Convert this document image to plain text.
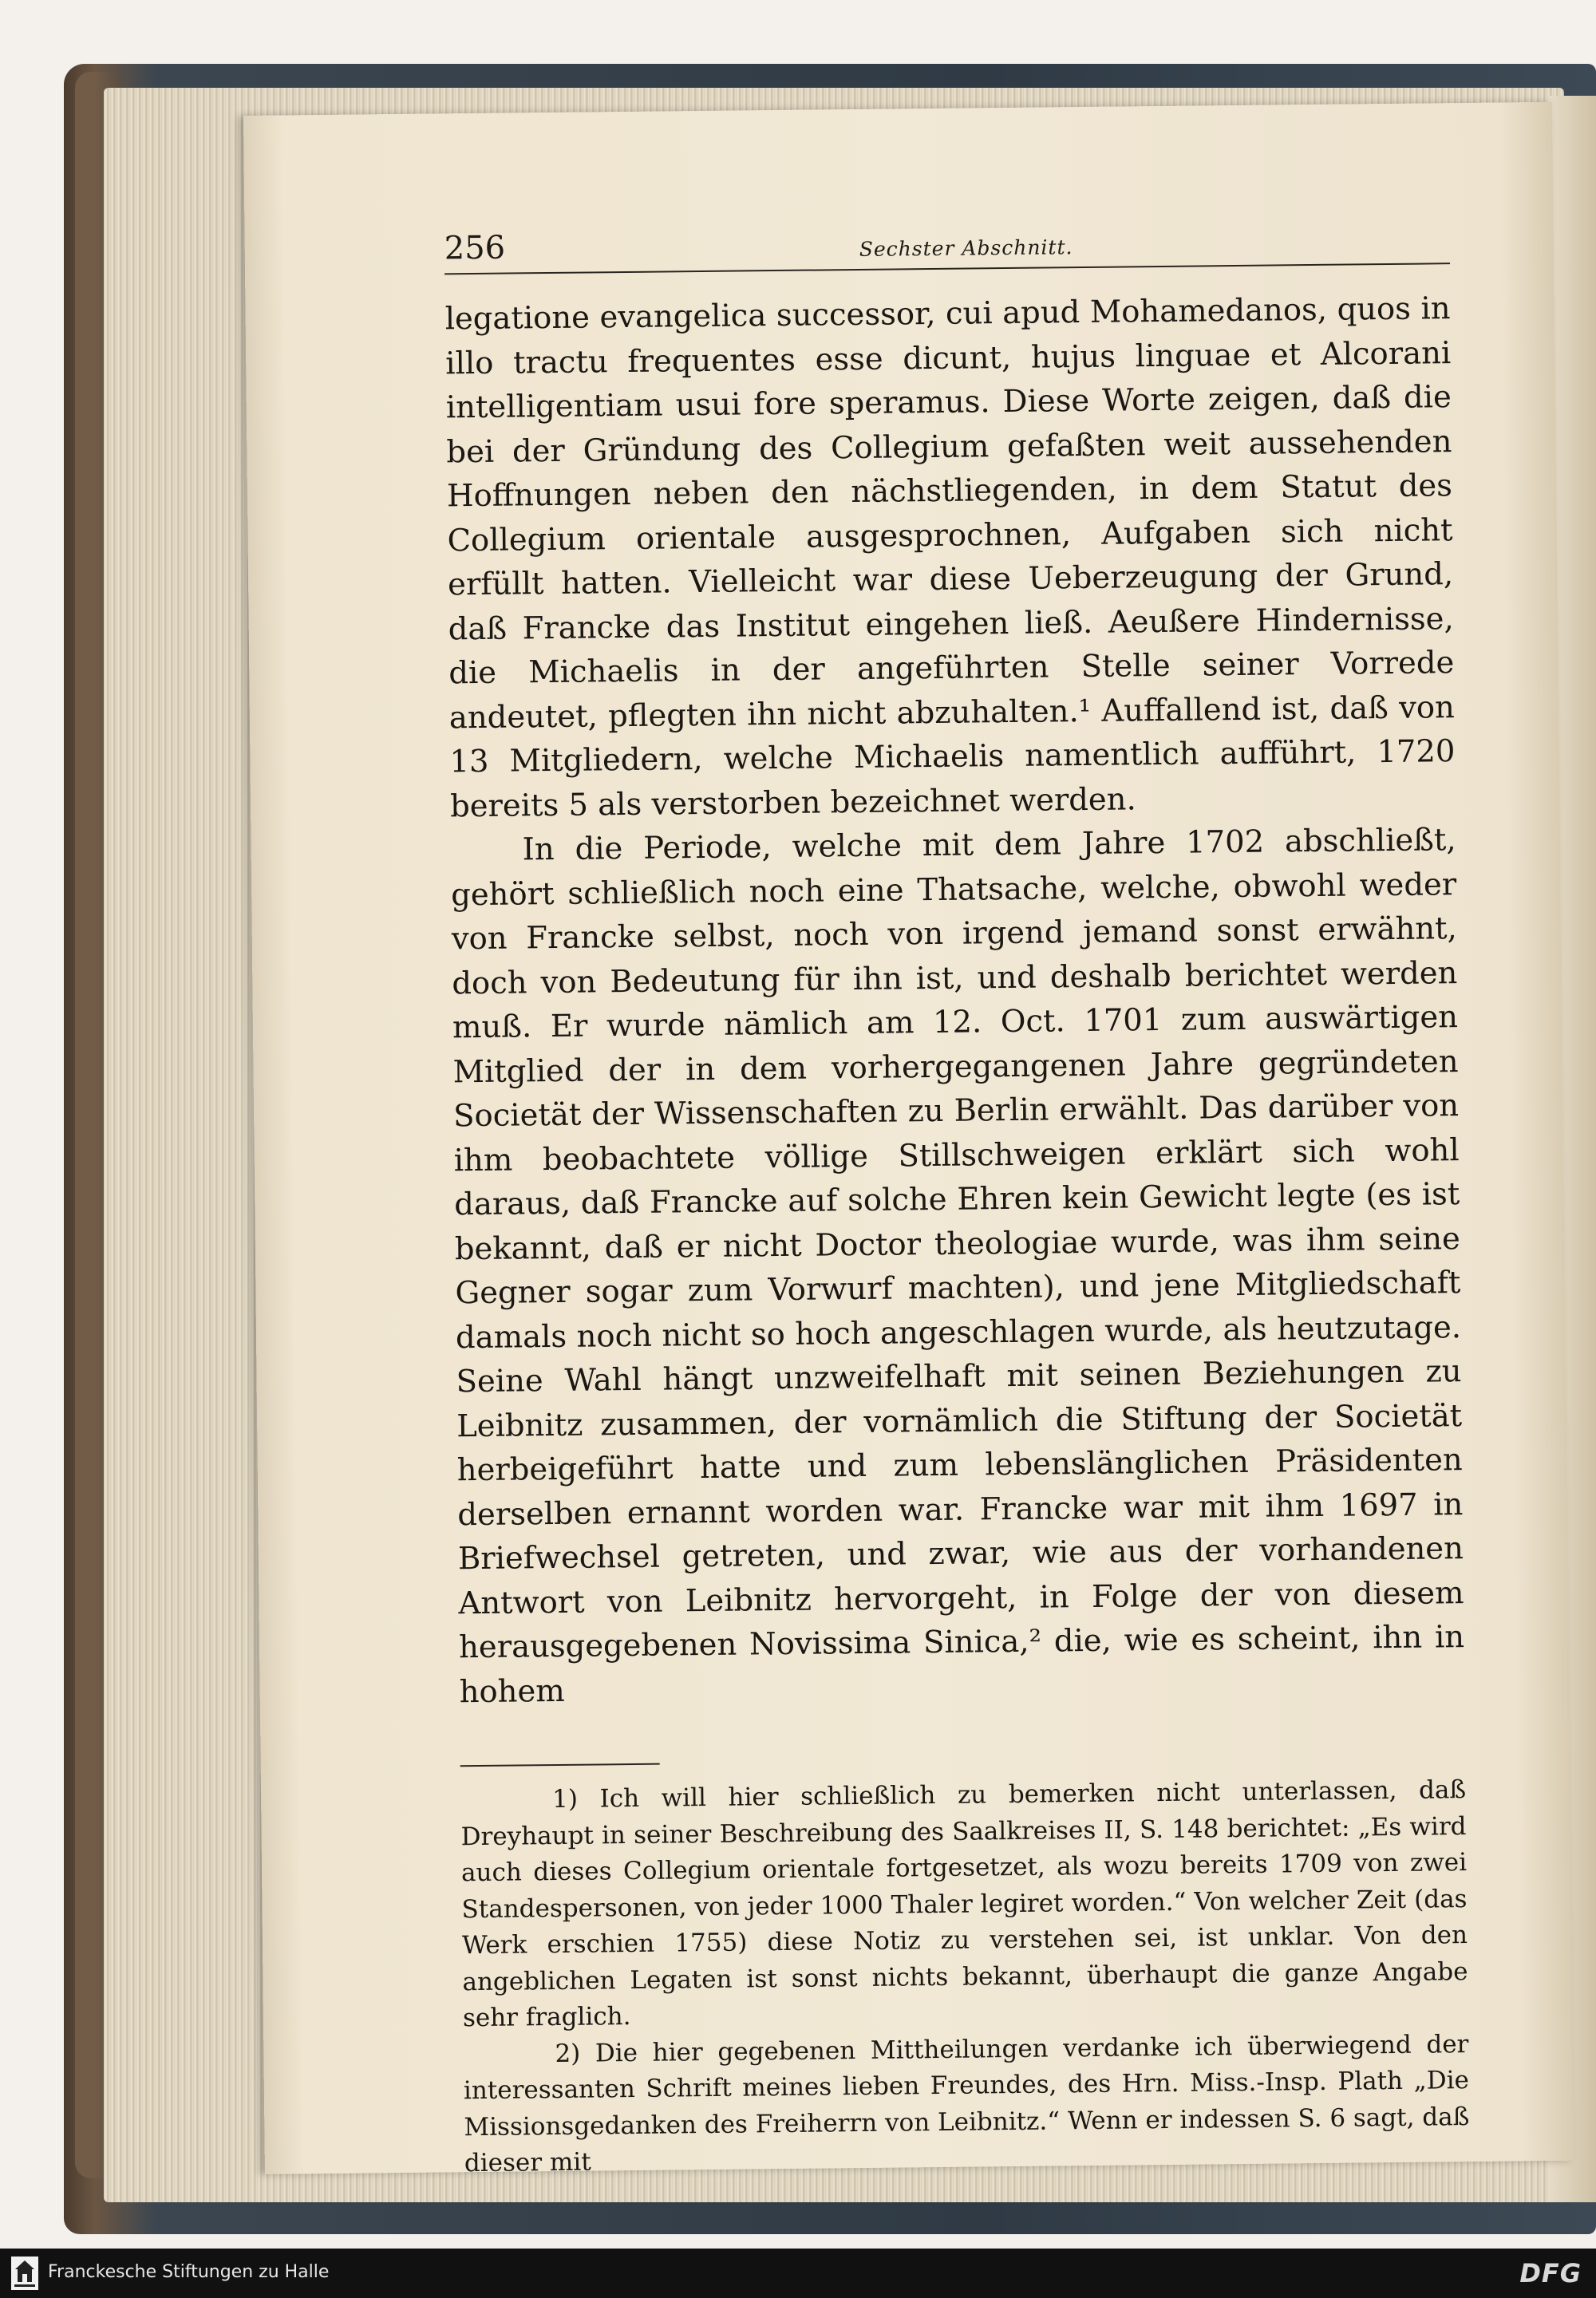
256	Sechster Abschnitt.

legatione evangelica successor, cui apud Mohamedanos, quos in illo tractu frequentes esse dicunt, hujus linguae et Alcorani intelligentiam usui fore speramus. Diese Worte zeigen, daß die bei der Gründung des Collegium gefaßten weit aussehenden Hoffnungen neben den nächstliegenden, in dem Statut des Collegium orientale ausgesprochnen, Aufgaben sich nicht erfüllt hatten. Vielleicht war diese Ueberzeugung der Grund, daß Francke das Institut eingehen ließ. Aeußere Hindernisse, die Michaelis in der angeführten Stelle seiner Vorrede andeutet, pflegten ihn nicht abzuhalten.¹ Auffallend ist, daß von 13 Mitgliedern, welche Michaelis namentlich aufführt, 1720 bereits 5 als verstorben bezeichnet werden.

In die Periode, welche mit dem Jahre 1702 abschließt, gehört schließlich noch eine Thatsache, welche, obwohl weder von Francke selbst, noch von irgend jemand sonst erwähnt, doch von Bedeutung für ihn ist, und deshalb berichtet werden muß. Er wurde nämlich am 12. Oct. 1701 zum auswärtigen Mitglied der in dem vorhergegangenen Jahre gegründeten Societät der Wissenschaften zu Berlin erwählt. Das darüber von ihm beobachtete völlige Stillschweigen erklärt sich wohl daraus, daß Francke auf solche Ehren kein Gewicht legte (es ist bekannt, daß er nicht Doctor theologiae wurde, was ihm seine Gegner sogar zum Vorwurf machten), und jene Mitgliedschaft damals noch nicht so hoch angeschlagen wurde, als heutzutage. Seine Wahl hängt unzweifelhaft mit seinen Beziehungen zu Leibnitz zusammen, der vornämlich die Stiftung der Societät herbeigeführt hatte und zum lebenslänglichen Präsidenten derselben ernannt worden war. Francke war mit ihm 1697 in Briefwechsel getreten, und zwar, wie aus der vorhandenen Antwort von Leibnitz hervorgeht, in Folge der von diesem herausgegebenen Novissima Sinica,² die, wie es scheint, ihn in hohem

1) Ich will hier schließlich zu bemerken nicht unterlassen, daß Dreyhaupt in seiner Beschreibung des Saalkreises II, S. 148 berichtet: „Es wird auch dieses Collegium orientale fortgesetzet, als wozu bereits 1709 von zwei Standespersonen, von jeder 1000 Thaler legiret worden.“ Von welcher Zeit (das Werk erschien 1755) diese Notiz zu verstehen sei, ist unklar. Von den angeblichen Legaten ist sonst nichts bekannt, überhaupt die ganze Angabe sehr fraglich.

2) Die hier gegebenen Mittheilungen verdanke ich überwiegend der interessanten Schrift meines lieben Freundes, des Hrn. Miss.-Insp. Plath „Die Missionsgedanken des Freiherrn von Leibnitz.“ Wenn er indessen S. 6 sagt, daß dieser mit

Franckesche Stiftungen zu Halle	DFG
